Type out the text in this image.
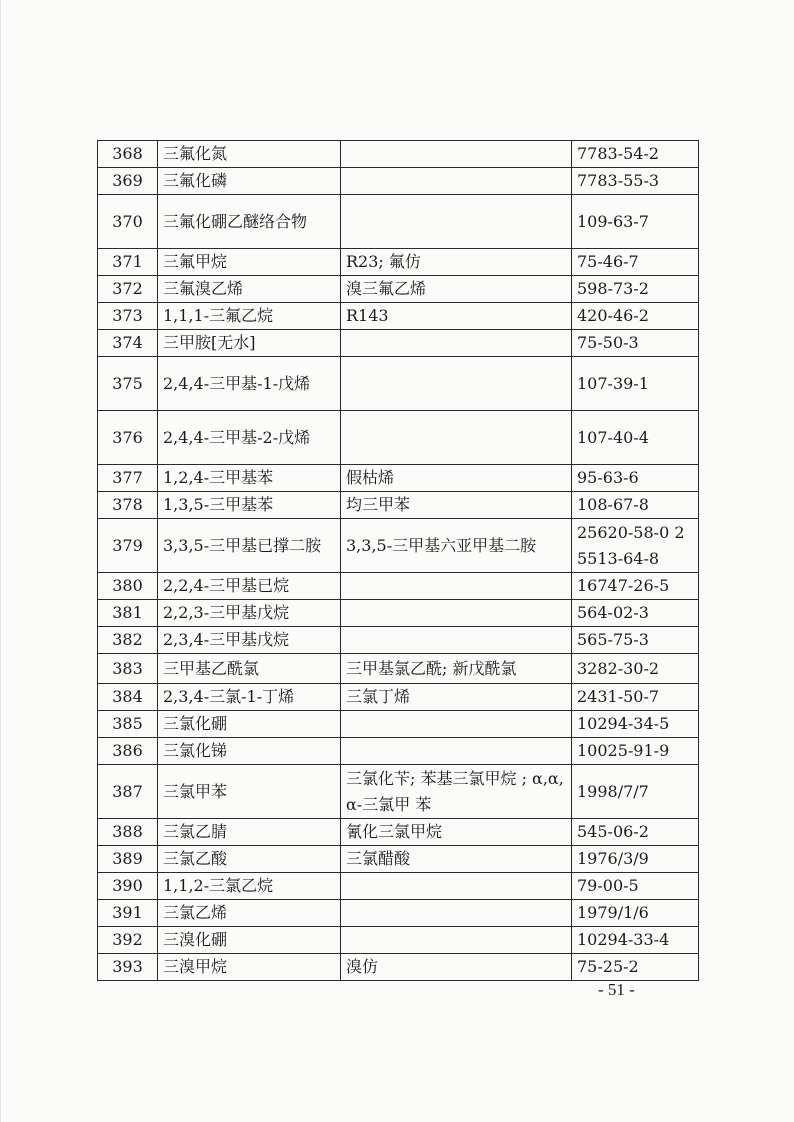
368	三氟化氮		7783-54-2
369	三氟化磷		7783-55-3
370	三氟化硼乙醚络合物		109-63-7
371	三氟甲烷	R23; 氟仿	75-46-7
372	三氟溴乙烯	溴三氟乙烯	598-73-2
373	1,1,1-三氟乙烷	R143	420-46-2
374	三甲胺[无水]		75-50-3
375	2,4,4-三甲基-1-戊烯		107-39-1
376	2,4,4-三甲基-2-戊烯		107-40-4
377	1,2,4-三甲基苯	假枯烯	95-63-6
378	1,3,5-三甲基苯	均三甲苯	108-67-8
379	3,3,5-三甲基已撑二胺	3,3,5-三甲基六亚甲基二胺	25620-58-0 25513-64-8
380	2,2,4-三甲基已烷		16747-26-5
381	2,2,3-三甲基戊烷		564-02-3
382	2,3,4-三甲基戊烷		565-75-3
383	三甲基乙酰氯	三甲基氯乙酰; 新戊酰氯	3282-30-2
384	2,3,4-三氯-1-丁烯	三氯丁烯	2431-50-7
385	三氯化硼		10294-34-5
386	三氯化锑		10025-91-9
387	三氯甲苯	三氯化苄; 苯基三氯甲烷 ; α,α,α-三氯甲 苯	1998/7/7
388	三氯乙腈	氰化三氯甲烷	545-06-2
389	三氯乙酸	三氯醋酸	1976/3/9
390	1,1,2-三氯乙烷		79-00-5
391	三氯乙烯		1979/1/6
392	三溴化硼		10294-33-4
393	三溴甲烷	溴仿	75-25-2
- 51 -
